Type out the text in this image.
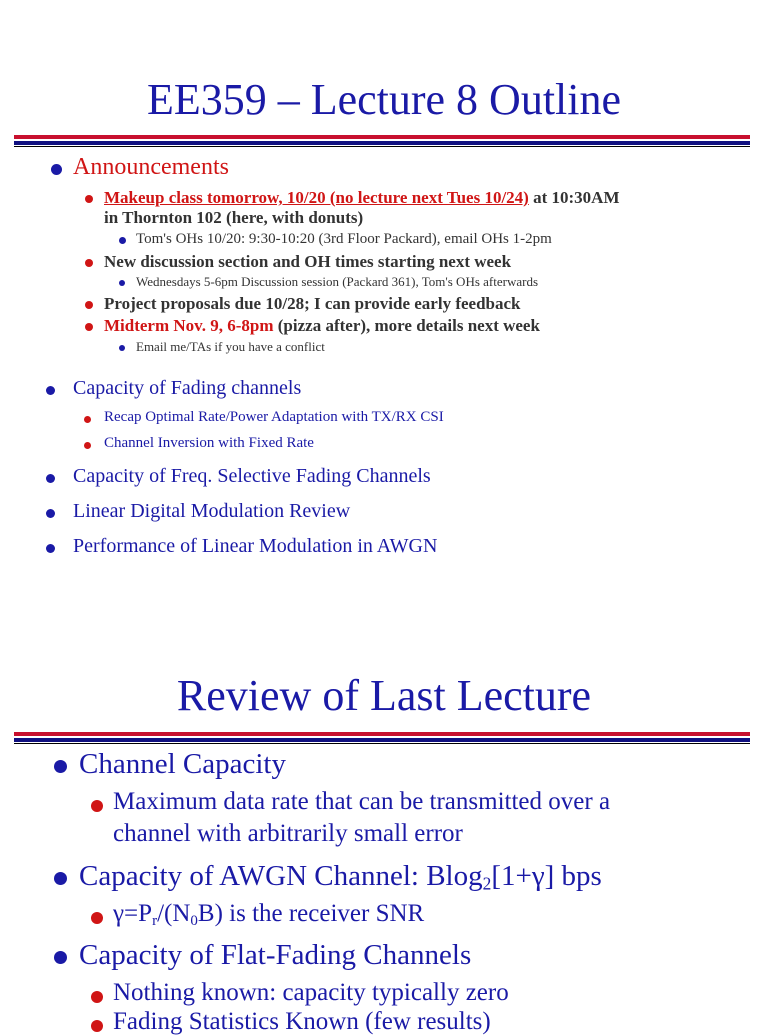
EE359 – Lecture 8 Outline
Announcements
Makeup class tomorrow, 10/20 (no lecture next Tues 10/24) at 10:30AM
in Thornton 102 (here, with donuts)
Tom's OHs 10/20: 9:30-10:20 (3rd Floor Packard), email OHs 1-2pm
New discussion section and OH times starting next week
Wednesdays 5-6pm Discussion session (Packard 361), Tom's OHs afterwards
Project proposals due 10/28; I can provide early feedback
Midterm Nov. 9, 6-8pm (pizza after), more details next week
Email me/TAs if you have a conflict
Capacity of Fading channels
Recap Optimal Rate/Power Adaptation with TX/RX CSI
Channel Inversion with Fixed Rate
Capacity of Freq. Selective Fading Channels
Linear Digital Modulation Review
Performance of Linear Modulation in AWGN
Review of Last Lecture
Channel Capacity
Maximum data rate that can be transmitted over a
channel with arbitrarily small error
Capacity of AWGN Channel: Blog$_2$[1+γ] bps
$\gamma=P_r/(N_0B)$ is the receiver SNR
Capacity of Flat-Fading Channels
Nothing known: capacity typically zero
Fading Statistics Known (few results)
